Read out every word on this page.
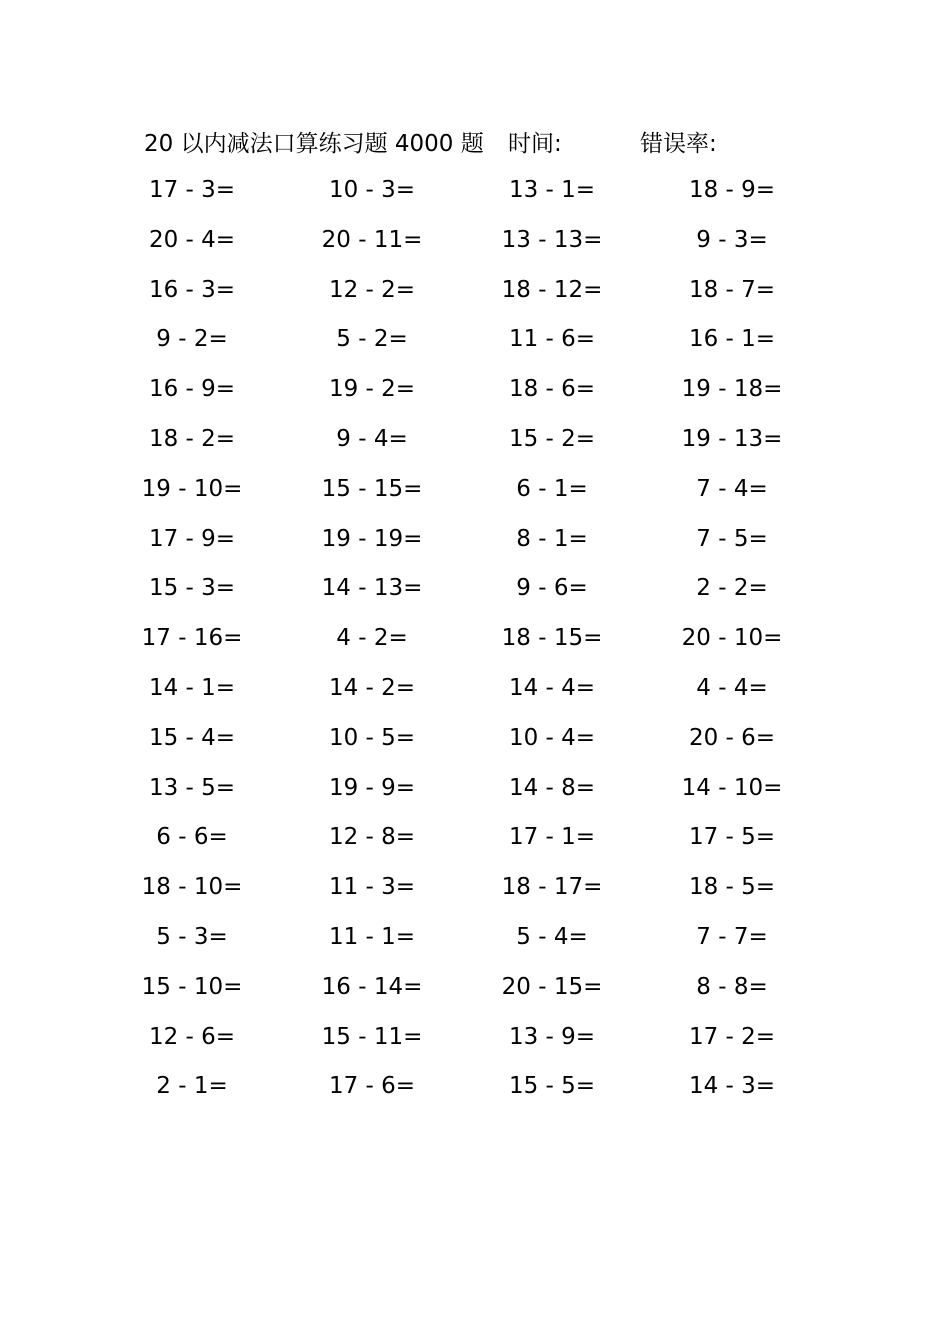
20 以内减法口算练习题 4000 题 时间:	错误率:
17 - 3=	10 - 3=	13 - 1=	18 - 9=
20 - 4=	20 - 11=	13 - 13=	9 - 3=
16 - 3=	12 - 2=	18 - 12=	18 - 7=
9 - 2=	5 - 2=	11 - 6=	16 - 1=
16 - 9=	19 - 2=	18 - 6=	19 - 18=
18 - 2=	9 - 4=	15 - 2=	19 - 13=
19 - 10=	15 - 15=	6 - 1=	7 - 4=
17 - 9=	19 - 19=	8 - 1=	7 - 5=
15 - 3=	14 - 13=	9 - 6=	2 - 2=
17 - 16=	4 - 2=	18 - 15=	20 - 10=
14 - 1=	14 - 2=	14 - 4=	4 - 4=
15 - 4=	10 - 5=	10 - 4=	20 - 6=
13 - 5=	19 - 9=	14 - 8=	14 - 10=
6 - 6=	12 - 8=	17 - 1=	17 - 5=
18 - 10=	11 - 3=	18 - 17=	18 - 5=
5 - 3=	11 - 1=	5 - 4=	7 - 7=
15 - 10=	16 - 14=	20 - 15=	8 - 8=
12 - 6=	15 - 11=	13 - 9=	17 - 2=
2 - 1=	17 - 6=	15 - 5=	14 - 3=
